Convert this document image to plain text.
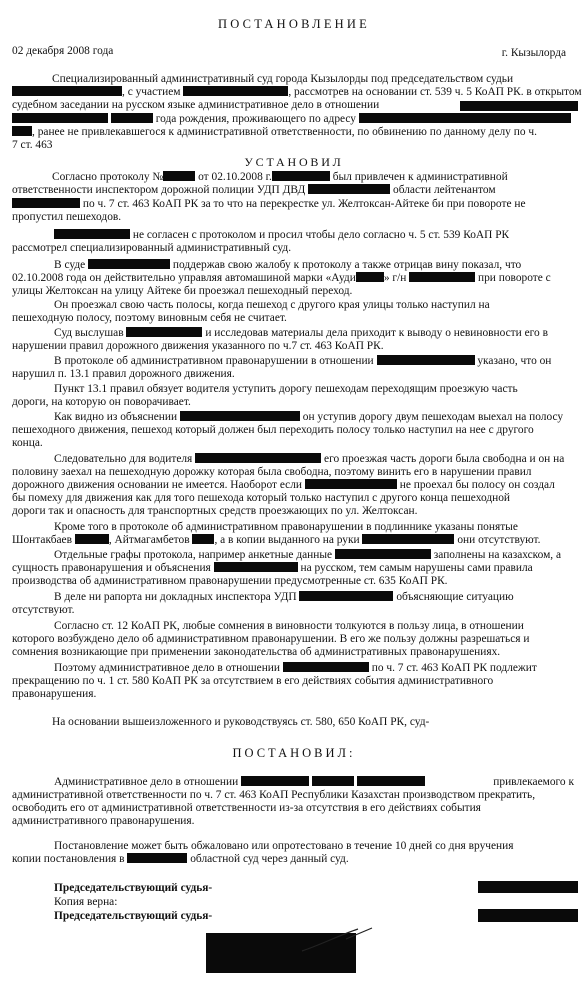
ПОСТАНОВЛЕНИЕ
02 декабря 2008 года	г. Кызылорда
Специализированный административный суд города Кызылорды под председательством судьи
, с участием	, рассмотрев на основании ст. 539 ч. 5 КоАП РК. в открытом
судебном заседании на русском языке административное дело в отношении
года рождения, проживающего по адресу
, ранее не привлекавшегося к административной ответственности, по обвинению по данному делу по ч.
7 ст. 463
УСТАНОВИЛ
Согласно протоколу №	от 02.10.2008 г.	был привлечен к административной
ответственности инспектором дорожной полиции УДП ДВД	области лейтенантом
по ч. 7 ст. 463 КоАП РК за то что на перекрестке ул. Желтоксан-Айтеке би при повороте не
пропустил пешеходов.
не согласен с протоколом и просил чтобы дело согласно ч. 5 ст. 539 КоАП РК
рассмотрел специализированный административный суд.
В суде	поддержав свою жалобу к протоколу а также отрицав вину показал, что
02.10.2008 года он действительно управляя автомашиной марки «Ауди » г/н	при повороте с
улицы Желтоксан на улицу Айтеке би проезжал пешеходный переход.
Он проезжал свою часть полосы, когда пешеход с другого края улицы только наступил на
пешеходную полосу, поэтому виновным себя не считает.
Суд выслушав	и исследовав материалы дела приходит к выводу о невиновности его в
нарушении правил дорожного движения указанного по ч.7 ст. 463 КоАП РК.
В протоколе об административном правонарушении в отношении	указано, что он
нарушил п. 13.1 правил дорожного движения.
Пункт 13.1 правил обязует водителя уступить дорогу пешеходам переходящим проезжую часть
дороги, на которую он поворачивает.
Как видно из объяснении	он уступив дорогу двум пешеходам выехал на полосу
пешеходного движения, пешеход который должен был переходить полосу только наступил на нее с другого
конца.
Следовательно для водителя	его проезжая часть дороги была свободна и он на
половину заехал на пешеходную дорожку которая была свободна, поэтому винить его в нарушении правил
дорожного движения основании не имеется. Наоборот если	не проехал бы полосу он создал
бы помеху для движения как для того пешехода который только наступил с другого конца пешеходной
дороги так и опасность для транспортных средств проезжающих по ул. Желтоксан.
Кроме того в протоколе об административном правонарушении в подлиннике указаны понятые
Шонтакбаев	, Айтмагамбетов , а в копии выданного на руки	они отсутствуют.
Отдельные графы протокола, например анкетные данные	заполнены на казахском, а
сущность правонарушения и объяснения	на русском, тем самым нарушены сами правила
производства об административном правонарушении предусмотренные ст. 635 КоАП РК.
В деле ни рапорта ни докладных инспектора УДП	объясняющие ситуацию
отсутствуют.
Согласно ст. 12 КоАП РК, любые сомнения в виновности толкуются в пользу лица, в отношении
которого возбуждено дело об административном правонарушении. В его же пользу должны разрешаться и
сомнения возникающие при применении законодательства об административных правонарушениях.
Поэтому административное дело в отношении	по ч. 7 ст. 463 КоАП РК подлежит
прекращению по ч. 1 ст. 580 КоАП РК за отсутствием в его действиях события административного
правонарушения.
На основании вышеизложенного и руководствуясь ст. 580, 650 КоАП РК, суд-
ПОСТАНОВИЛ:
Административное дело в отношении	привлекаемого к
административной ответственности по ч. 7 ст. 463 КоАП Республики Казахстан производством прекратить,
освободить его от административной ответственности из-за отсутствия в его действиях события
административного правонарушения.
Постановление может быть обжаловано или опротестовано в течение 10 дней со дня вручения
копии постановления в	областной суд через данный суд.
Председательствующий судья-
Копия верна:
Председательствующий судья-
